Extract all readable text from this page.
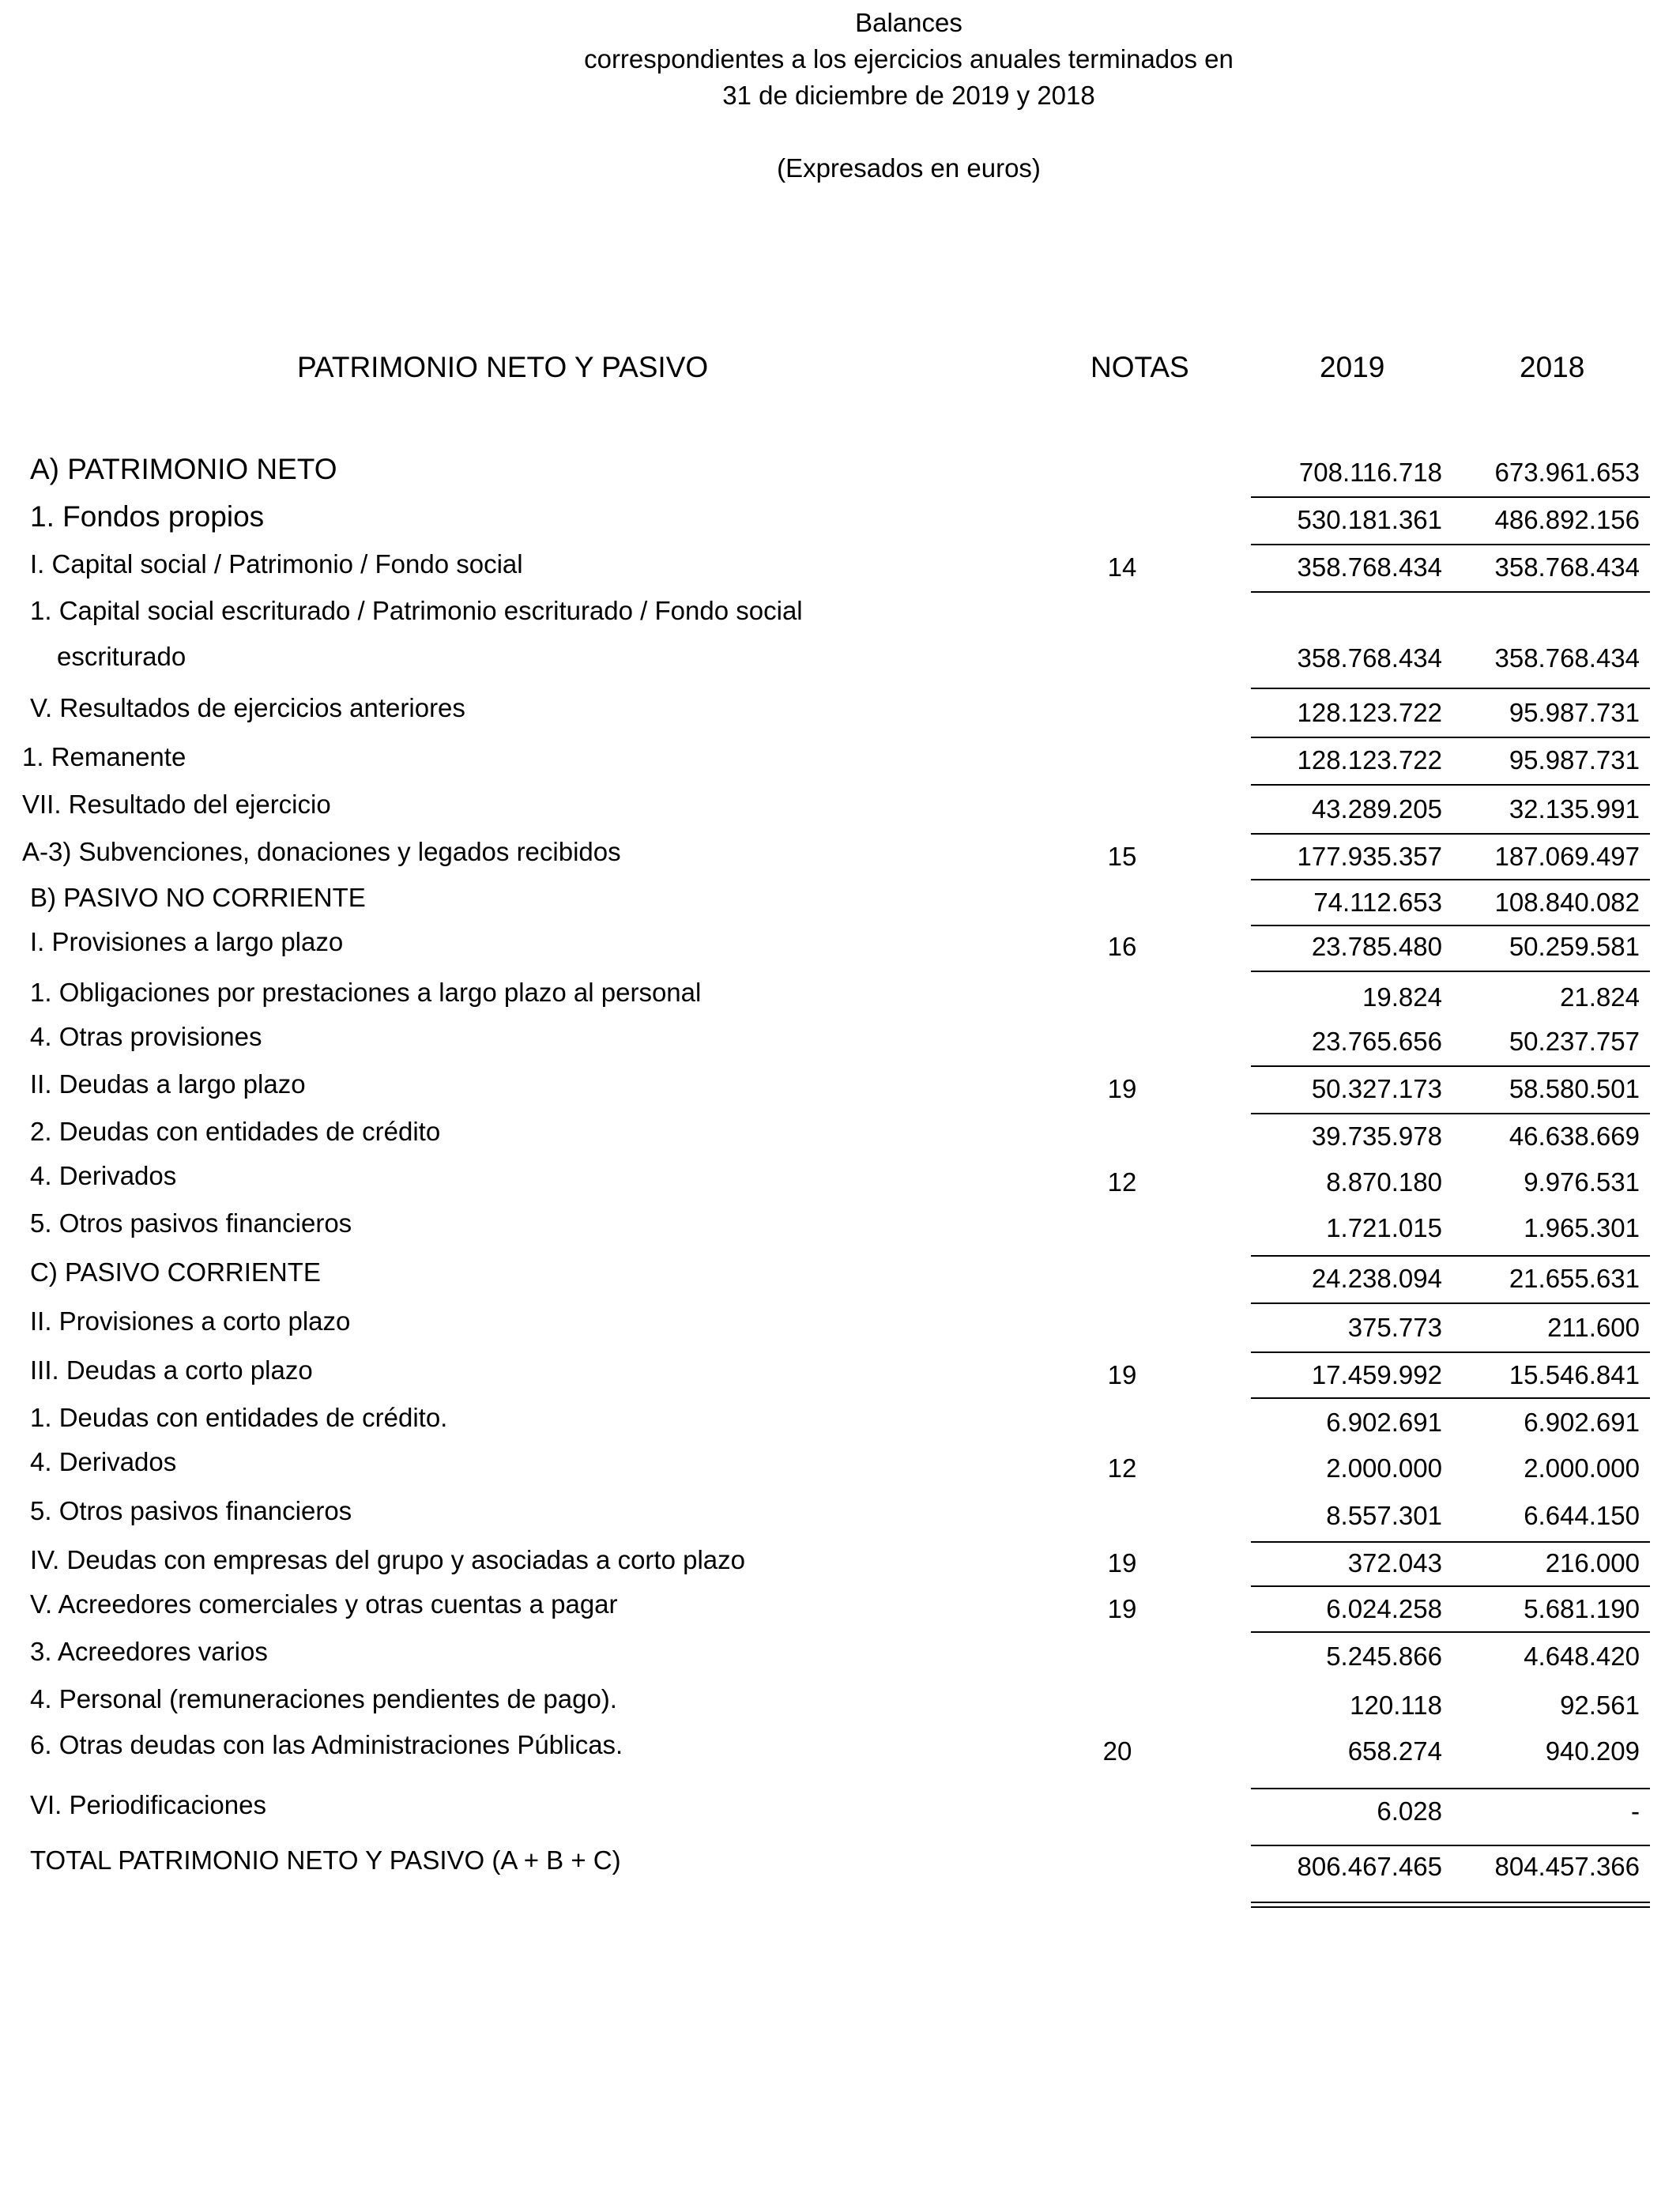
Balances
correspondientes a los ejercicios anuales terminados en
31 de diciembre de 2019 y 2018
(Expresados en euros)
PATRIMONIO NETO Y PASIVO	NOTAS	2019	2018
A) PATRIMONIO NETO	708.116.718	673.961.653
1. Fondos propios	530.181.361	486.892.156
I. Capital social / Patrimonio / Fondo social	14	358.768.434	358.768.434
1. Capital social escriturado / Patrimonio escriturado / Fondo social
escriturado	358.768.434	358.768.434
V. Resultados de ejercicios anteriores	128.123.722	95.987.731
1. Remanente	128.123.722	95.987.731
VII. Resultado del ejercicio	43.289.205	32.135.991
A-3) Subvenciones, donaciones y legados recibidos	15	177.935.357	187.069.497
B) PASIVO NO CORRIENTE	74.112.653	108.840.082
I. Provisiones a largo plazo	16	23.785.480	50.259.581
1. Obligaciones por prestaciones a largo plazo al personal	19.824	21.824
4. Otras provisiones	23.765.656	50.237.757
II. Deudas a largo plazo	19	50.327.173	58.580.501
2. Deudas con entidades de crédito	39.735.978	46.638.669
4. Derivados	12	8.870.180	9.976.531
5. Otros pasivos financieros	1.721.015	1.965.301
C) PASIVO CORRIENTE	24.238.094	21.655.631
II. Provisiones a corto plazo	375.773	211.600
III. Deudas a corto plazo	19	17.459.992	15.546.841
1. Deudas con entidades de crédito.	6.902.691	6.902.691
4. Derivados	12	2.000.000	2.000.000
5. Otros pasivos financieros	8.557.301	6.644.150
IV. Deudas con empresas del grupo y asociadas a corto plazo	19	372.043	216.000
V. Acreedores comerciales y otras cuentas a pagar	19	6.024.258	5.681.190
3. Acreedores varios	5.245.866	4.648.420
4. Personal (remuneraciones pendientes de pago).	120.118	92.561
6. Otras deudas con las Administraciones Públicas.	20	658.274	940.209
VI. Periodificaciones	6.028	-
TOTAL PATRIMONIO NETO Y PASIVO (A + B + C)	806.467.465	804.457.366
